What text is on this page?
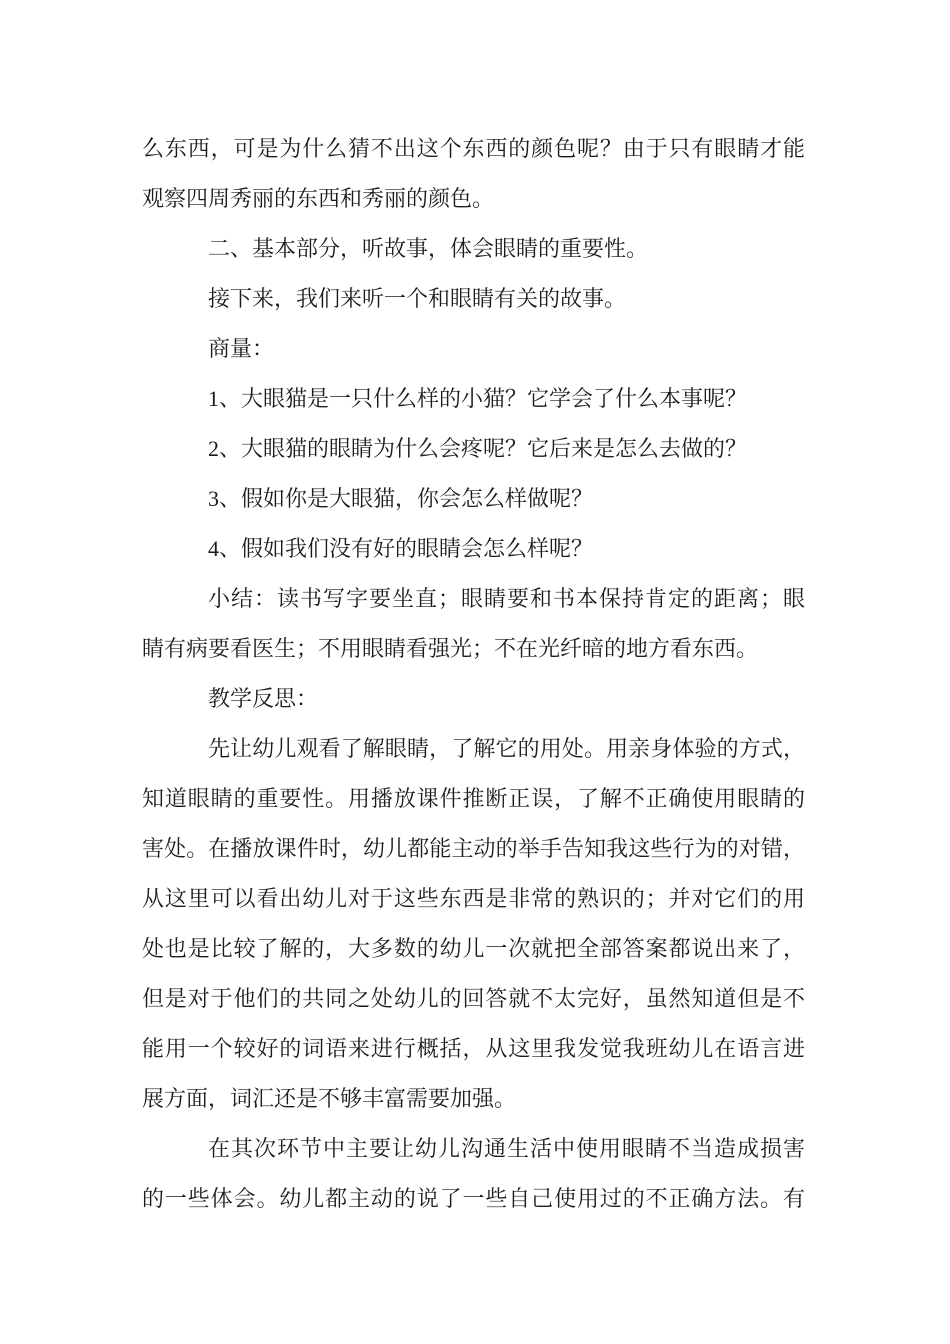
么东西，可是为什么猜不出这个东西的颜色呢？由于只有眼睛才能
观察四周秀丽的东西和秀丽的颜色。
二、基本部分，听故事，体会眼睛的重要性。
接下来，我们来听一个和眼睛有关的故事。
商量：
1、大眼猫是一只什么样的小猫？它学会了什么本事呢？
2、大眼猫的眼睛为什么会疼呢？它后来是怎么去做的？
3、假如你是大眼猫，你会怎么样做呢？
4、假如我们没有好的眼睛会怎么样呢？
小结：读书写字要坐直；眼睛要和书本保持肯定的距离；眼
睛有病要看医生；不用眼睛看强光；不在光纤暗的地方看东西。
教学反思：
先让幼儿观看了解眼睛，了解它的用处。用亲身体验的方式，
知道眼睛的重要性。用播放课件推断正误，了解不正确使用眼睛的
害处。在播放课件时，幼儿都能主动的举手告知我这些行为的对错，
从这里可以看出幼儿对于这些东西是非常的熟识的；并对它们的用
处也是比较了解的，大多数的幼儿一次就把全部答案都说出来了，
但是对于他们的共同之处幼儿的回答就不太完好，虽然知道但是不
能用一个较好的词语来进行概括，从这里我发觉我班幼儿在语言进
展方面，词汇还是不够丰富需要加强。
在其次环节中主要让幼儿沟通生活中使用眼睛不当造成损害
的一些体会。幼儿都主动的说了一些自己使用过的不正确方法。有
